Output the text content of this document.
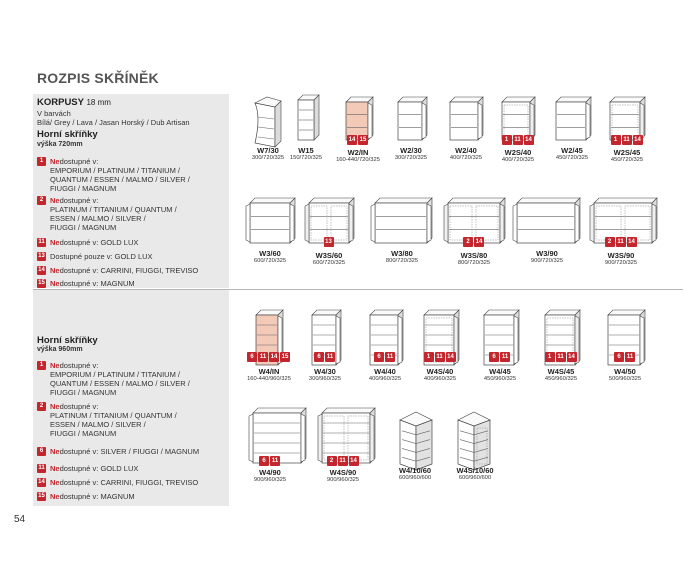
ROZPIS SKŘÍNĚK
KORPUSY 18 mm
V barvách
Bílá/ Grey / Lava / Jasan Horský / Dub Artisan
Horní skříňky
výška 720mm
1 Nedostupné v:
EMPORIUM / PLATINUM / TITANIUM /
QUANTUM / ESSEN / MALMO / SILVER /
FIUGGI / MAGNUM
2 Nedostupné v:
PLATINUM / TITANIUM / QUANTUM /
ESSEN / MALMO / SILVER /
FIUGGI / MAGNUM
11 Nedostupné v: GOLD LUX
13 Dostupné pouze v: GOLD LUX
14 Nedostupné v: CARRINI, FIUGGI, TREVISO
15 Nedostupné v: MAGNUM
Horní skříňky
výška 960mm
1 Nedostupné v:
EMPORIUM / PLATINUM / TITANIUM /
QUANTUM / ESSEN / MALMO / SILVER /
FIUGGI / MAGNUM
2 Nedostupné v:
PLATINUM / TITANIUM / QUANTUM /
ESSEN / MALMO / SILVER /
FIUGGI / MAGNUM
6 Nedostupné v: SILVER / FIUGGI / MAGNUM
11 Nedostupné v: GOLD LUX
14 Nedostupné v: CARRINI, FIUGGI, TREVISO
15 Nedostupné v: MAGNUM
W7/30
300/720/325
W15
150/720/325
14 15
W2/IN
160-440/720/325
W2/30
300/720/325
W2/40
400/720/325
1	11 14
W2S/40
400/720/325
W2/45
450/720/325
1	11 14
W2S/45
450/720/325
W3/60
600/720/325
13
W3S/60
600/720/325
W3/80
800/720/325
2 14
W3S/80
800/720/325
W3/90
900/720/325
2	11 14
W3S/90
900/720/325
6	11 14 15
W4/IN
160-440/960/325
6	11
W4/30
300/960/325
6	11
W4/40
400/960/325
1	11 14
W4S/40
400/960/325
6	11
W4/45
450/960/325
1	11 14
W4S/45
450/960/325
6	11
W4/50
500/960/325
6	11
W4/90
900/960/325
2	11 14
W4S/90
900/960/325
W4/10/60
600/960/600
W4S/10/60
600/960/600
54
